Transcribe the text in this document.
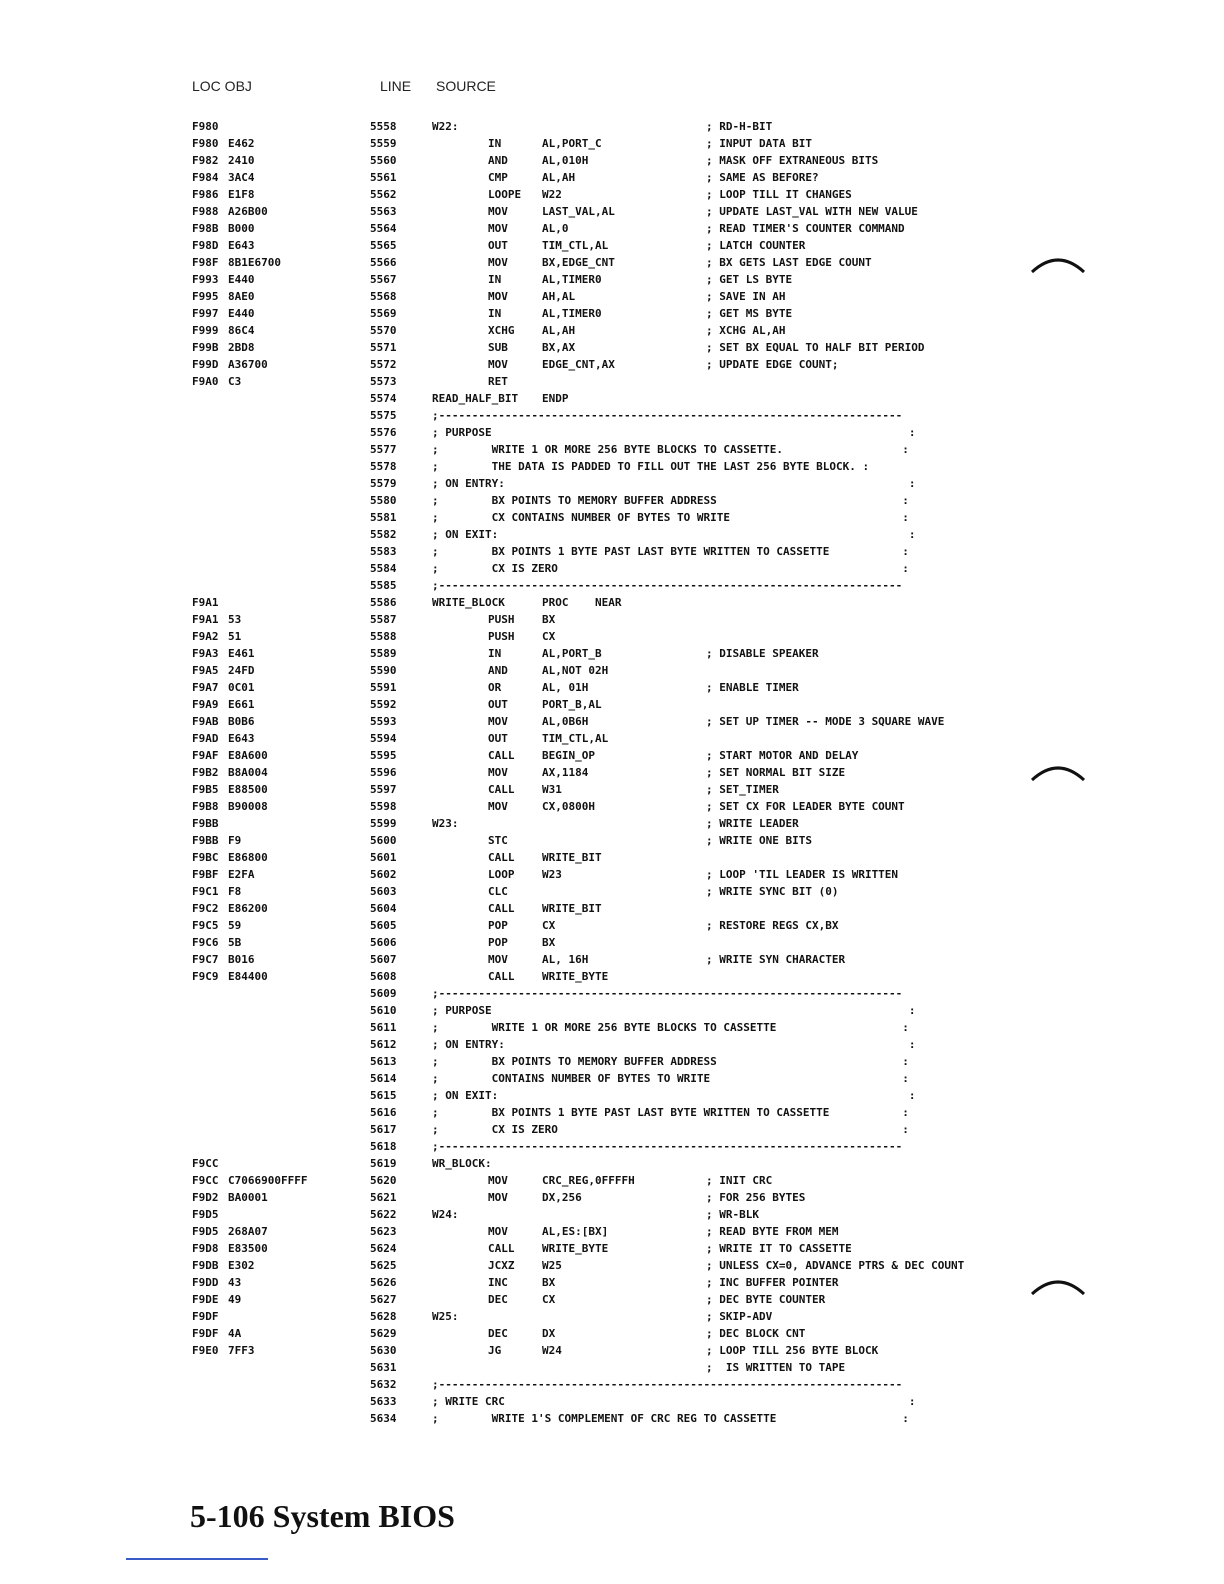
LOC OBJ	LINE SOURCE
F980	5558	W22:	; RD-H-BIT
F980 E462	5559	IN	AL,PORT_C	; INPUT DATA BIT
F982 2410	5560	AND	AL,010H	; MASK OFF EXTRANEOUS BITS
F984 3AC4	5561	CMP	AL,AH	; SAME AS BEFORE?
F986 E1F8	5562	LOOPE W22	; LOOP TILL IT CHANGES
F988 A26B00	5563	MOV	LAST_VAL,AL	; UPDATE LAST_VAL WITH NEW VALUE
F98B B000	5564	MOV	AL,0	; READ TIMER'S COUNTER COMMAND
F98D E643	5565	OUT	TIM_CTL,AL	; LATCH COUNTER
F98F 8B1E6700	5566	MOV	BX,EDGE_CNT	; BX GETS LAST EDGE COUNT
F993 E440	5567	IN	AL,TIMER0	; GET LS BYTE
F995 8AE0	5568	MOV	AH,AL	; SAVE IN AH
F997 E440	5569	IN	AL,TIMER0	; GET MS BYTE
F999 86C4	5570	XCHG	AL,AH	; XCHG AL,AH
F99B 2BD8	5571	SUB	BX,AX	; SET BX EQUAL TO HALF BIT PERIOD
F99D A36700	5572	MOV	EDGE_CNT,AX	; UPDATE EDGE COUNT;
F9A0 C3	5573	RET
5574	READ_HALF_BIT ENDP
5575	;----------------------------------------------------------------------
5576	; PURPOSE                                                               :
5577	;        WRITE 1 OR MORE 256 BYTE BLOCKS TO CASSETTE.                  :
5578	;        THE DATA IS PADDED TO FILL OUT THE LAST 256 BYTE BLOCK. :
5579	; ON ENTRY:                                                             :
5580	;        BX POINTS TO MEMORY BUFFER ADDRESS                            :
5581	;        CX CONTAINS NUMBER OF BYTES TO WRITE                          :
5582	; ON EXIT:                                                              :
5583	;        BX POINTS 1 BYTE PAST LAST BYTE WRITTEN TO CASSETTE           :
5584	;        CX IS ZERO                                                    :
5585	;----------------------------------------------------------------------
F9A1	5586	WRITE_BLOCK	PROC    NEAR
F9A1 53	5587	PUSH	BX
F9A2 51	5588	PUSH	CX
F9A3 E461	5589	IN	AL,PORT_B	; DISABLE SPEAKER
F9A5 24FD	5590	AND	AL,NOT 02H
F9A7 0C01	5591	OR	AL, 01H	; ENABLE TIMER
F9A9 E661	5592	OUT	PORT_B,AL
F9AB B0B6	5593	MOV	AL,0B6H	; SET UP TIMER -- MODE 3 SQUARE WAVE
F9AD E643	5594	OUT	TIM_CTL,AL
F9AF E8A600	5595	CALL	BEGIN_OP	; START MOTOR AND DELAY
F9B2 B8A004	5596	MOV	AX,1184	; SET NORMAL BIT SIZE
F9B5 E88500	5597	CALL	W31	; SET_TIMER
F9B8 B90008	5598	MOV	CX,0800H	; SET CX FOR LEADER BYTE COUNT
F9BB	5599	W23:	; WRITE LEADER
F9BB F9	5600	STC	; WRITE ONE BITS
F9BC E86800	5601	CALL	WRITE_BIT
F9BF E2FA	5602	LOOP	W23	; LOOP 'TIL LEADER IS WRITTEN
F9C1 F8	5603	CLC	; WRITE SYNC BIT (0)
F9C2 E86200	5604	CALL	WRITE_BIT
F9C5 59	5605	POP	CX	; RESTORE REGS CX,BX
F9C6 5B	5606	POP	BX
F9C7 B016	5607	MOV	AL, 16H	; WRITE SYN CHARACTER
F9C9 E84400	5608	CALL	WRITE_BYTE
5609	;----------------------------------------------------------------------
5610	; PURPOSE                                                               :
5611	;        WRITE 1 OR MORE 256 BYTE BLOCKS TO CASSETTE                   :
5612	; ON ENTRY:                                                             :
5613	;        BX POINTS TO MEMORY BUFFER ADDRESS                            :
5614	;        CONTAINS NUMBER OF BYTES TO WRITE                             :
5615	; ON EXIT:                                                              :
5616	;        BX POINTS 1 BYTE PAST LAST BYTE WRITTEN TO CASSETTE           :
5617	;        CX IS ZERO                                                    :
5618	;----------------------------------------------------------------------
F9CC	5619	WR_BLOCK:
F9CC C7066900FFFF	5620	MOV	CRC_REG,0FFFFH	; INIT CRC
F9D2 BA0001	5621	MOV	DX,256	; FOR 256 BYTES
F9D5	5622	W24:	; WR-BLK
F9D5 268A07	5623	MOV	AL,ES:[BX]	; READ BYTE FROM MEM
F9D8 E83500	5624	CALL	WRITE_BYTE	; WRITE IT TO CASSETTE
F9DB E302	5625	JCXZ	W25	; UNLESS CX=0, ADVANCE PTRS & DEC COUNT
F9DD 43	5626	INC	BX	; INC BUFFER POINTER
F9DE 49	5627	DEC	CX	; DEC BYTE COUNTER
F9DF	5628	W25:	; SKIP-ADV
F9DF 4A	5629	DEC	DX	; DEC BLOCK CNT
F9E0 7FF3	5630	JG	W24	; LOOP TILL 256 BYTE BLOCK
5631	;  IS WRITTEN TO TAPE
5632	;----------------------------------------------------------------------
5633	; WRITE CRC                                                             :
5634	;        WRITE 1'S COMPLEMENT OF CRC REG TO CASSETTE                   :
5-106 System BIOS
